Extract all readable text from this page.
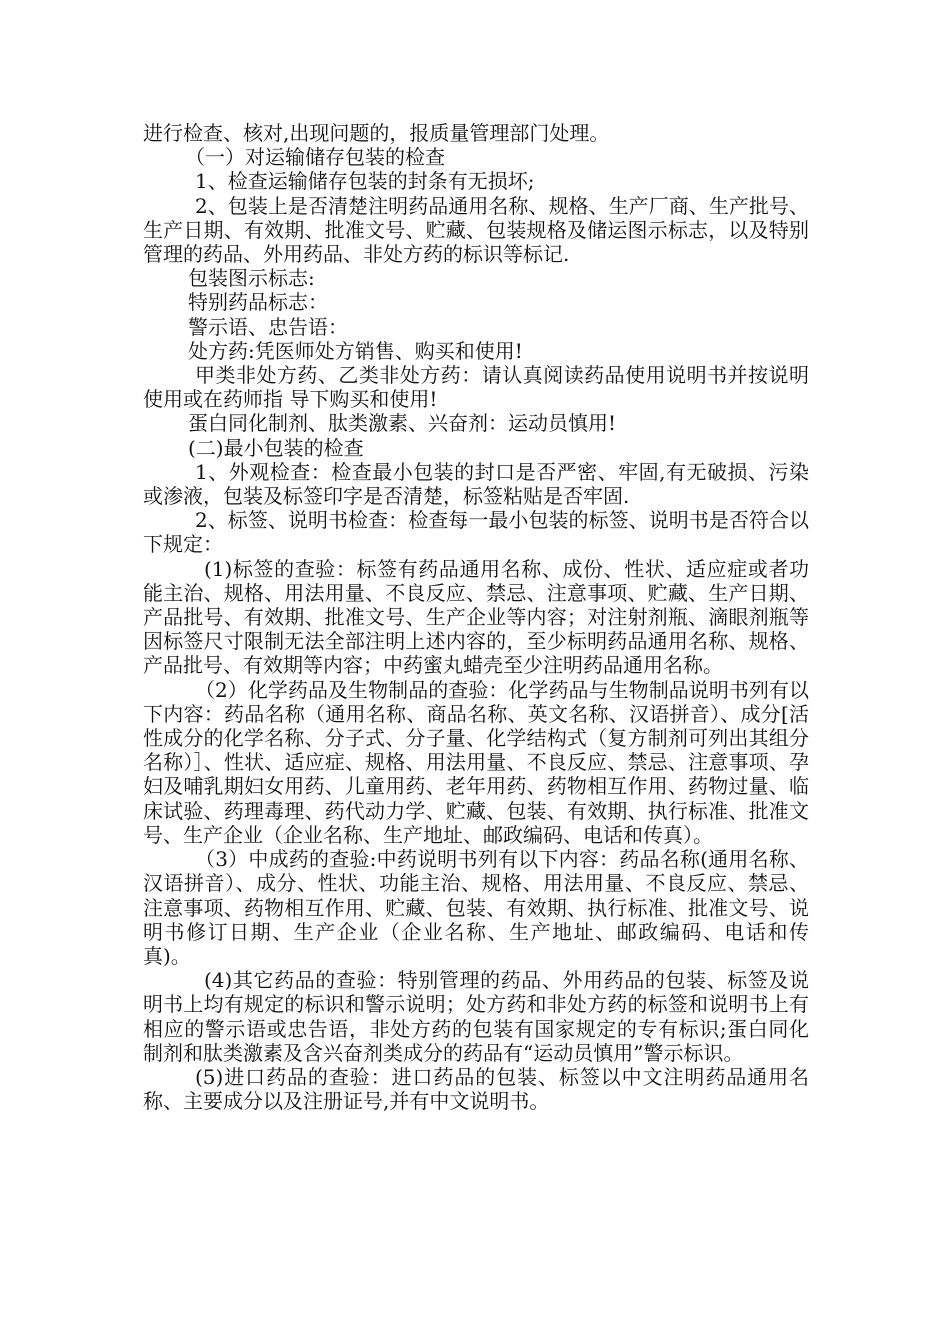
进行检查、核对,出现问题的，报质量管理部门处理。

（一）对运输储存包装的检查

1、检查运输储存包装的封条有无损坏;

2、包装上是否清楚注明药品通用名称、规格、生产厂商、生产批号、生产日期、有效期、批准文号、贮藏、包装规格及储运图示标志，以及特别管理的药品、外用药品、非处方药的标识等标记.

包装图示标志:

特别药品标志：

警示语、忠告语：

处方药:凭医师处方销售、购买和使用!

甲类非处方药、乙类非处方药：请认真阅读药品使用说明书并按说明使用或在药师指 导下购买和使用!

蛋白同化制剂、肽类激素、兴奋剂：运动员慎用!

(二)最小包装的检查

1、外观检查：检查最小包装的封口是否严密、牢固,有无破损、污染或渗液，包装及标签印字是否清楚，标签粘贴是否牢固.

2、标签、说明书检查：检查每一最小包装的标签、说明书是否符合以下规定：

(1)标签的查验：标签有药品通用名称、成份、性状、适应症或者功能主治、规格、用法用量、不良反应、禁忌、注意事项、贮藏、生产日期、产品批号、有效期、批准文号、生产企业等内容；对注射剂瓶、滴眼剂瓶等因标签尺寸限制无法全部注明上述内容的，至少标明药品通用名称、规格、产品批号、有效期等内容；中药蜜丸蜡壳至少注明药品通用名称。

（2）化学药品及生物制品的查验：化学药品与生物制品说明书列有以下内容：药品名称（通用名称、商品名称、英文名称、汉语拼音）、成分[活性成分的化学名称、分子式、分子量、化学结构式（复方制剂可列出其组分名称）］、性状、适应症、规格、用法用量、不良反应、禁忌、注意事项、孕妇及哺乳期妇女用药、儿童用药、老年用药、药物相互作用、药物过量、临床试验、药理毒理、药代动力学、贮藏、包装、有效期、执行标准、批准文号、生产企业（企业名称、生产地址、邮政编码、电话和传真）。

（3）中成药的查验:中药说明书列有以下内容：药品名称(通用名称、汉语拼音）、成分、性状、功能主治、规格、用法用量、不良反应、禁忌、注意事项、药物相互作用、贮藏、包装、有效期、执行标准、批准文号、说明书修订日期、生产企业（企业名称、生产地址、邮政编码、电话和传真)。

(4)其它药品的查验：特别管理的药品、外用药品的包装、标签及说明书上均有规定的标识和警示说明；处方药和非处方药的标签和说明书上有相应的警示语或忠告语，非处方药的包装有国家规定的专有标识;蛋白同化制剂和肽类激素及含兴奋剂类成分的药品有“运动员慎用”警示标识。

(5)进口药品的查验：进口药品的包装、标签以中文注明药品通用名称、主要成分以及注册证号,并有中文说明书。
